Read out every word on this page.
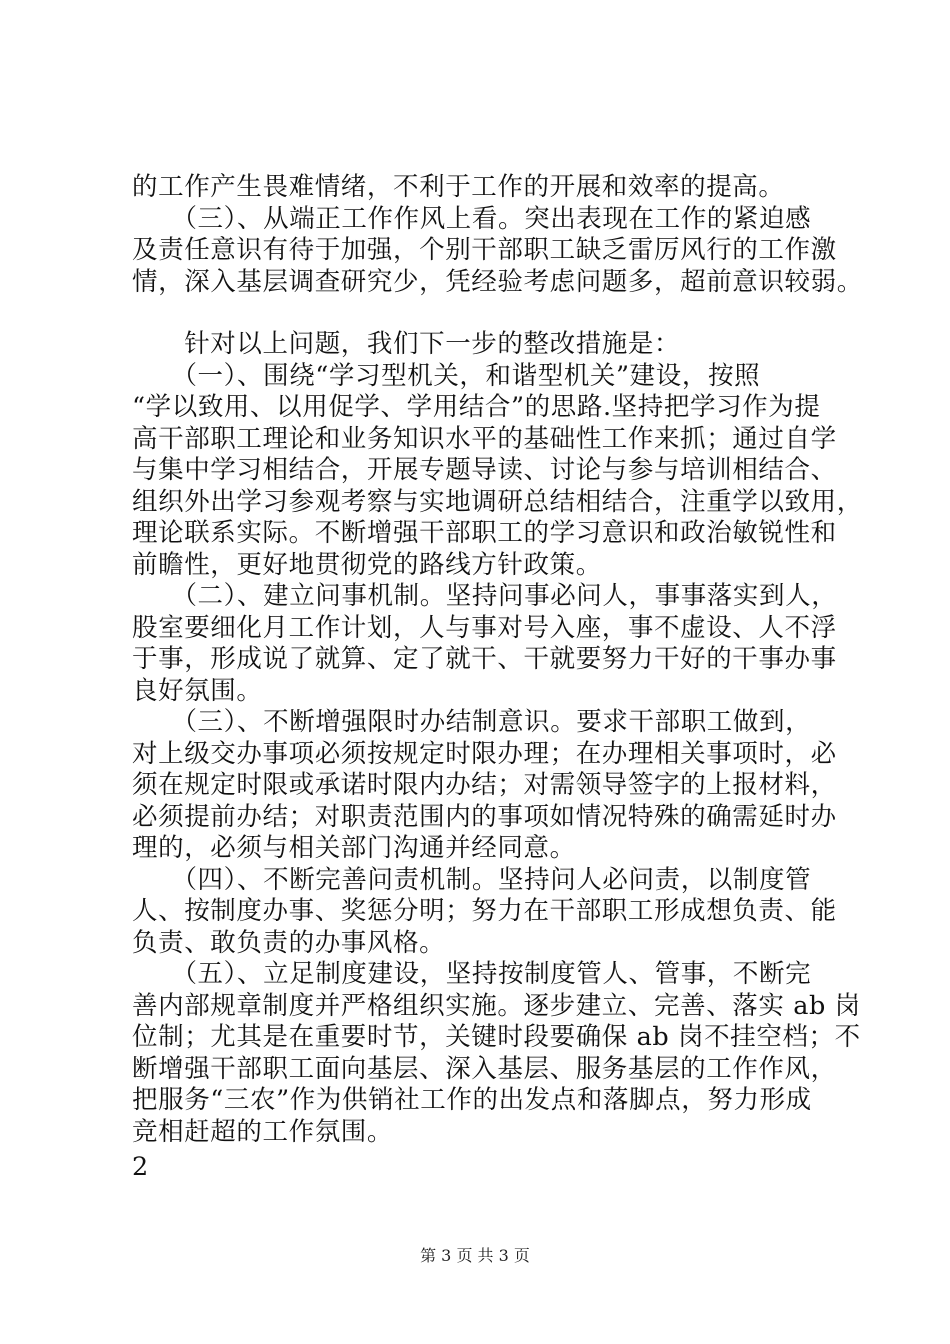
的工作产生畏难情绪，不利于工作的开展和效率的提高。
　　（三）、从端正工作作风上看。突出表现在工作的紧迫感
及责任意识有待于加强，个别干部职工缺乏雷厉风行的工作激
情，深入基层调查研究少，凭经验考虑问题多，超前意识较弱。
　　针对以上问题，我们下一步的整改措施是：
　　（一）、围绕“学习型机关，和谐型机关”建设，按照
“学以致用、以用促学、学用结合”的思路.坚持把学习作为提
高干部职工理论和业务知识水平的基础性工作来抓；通过自学
与集中学习相结合，开展专题导读、讨论与参与培训相结合、
组织外出学习参观考察与实地调研总结相结合，注重学以致用，
理论联系实际。不断增强干部职工的学习意识和政治敏锐性和
前瞻性，更好地贯彻党的路线方针政策。
　　（二）、建立问事机制。坚持问事必问人，事事落实到人，
股室要细化月工作计划，人与事对号入座，事不虚设、人不浮
于事，形成说了就算、定了就干、干就要努力干好的干事办事
良好氛围。
　　（三）、不断增强限时办结制意识。要求干部职工做到，
对上级交办事项必须按规定时限办理；在办理相关事项时，必
须在规定时限或承诺时限内办结；对需领导签字的上报材料，
必须提前办结；对职责范围内的事项如情况特殊的确需延时办
理的，必须与相关部门沟通并经同意。
　　（四）、不断完善问责机制。坚持问人必问责，以制度管
人、按制度办事、奖惩分明；努力在干部职工形成想负责、能
负责、敢负责的办事风格。
　　（五）、立足制度建设，坚持按制度管人、管事，不断完
善内部规章制度并严格组织实施。逐步建立、完善、落实 ab 岗
位制；尤其是在重要时节，关键时段要确保 ab 岗不挂空档；不
断增强干部职工面向基层、深入基层、服务基层的工作作风，
把服务“三农”作为供销社工作的出发点和落脚点，努力形成
竞相赶超的工作氛围。
2
第 3 页 共 3 页
